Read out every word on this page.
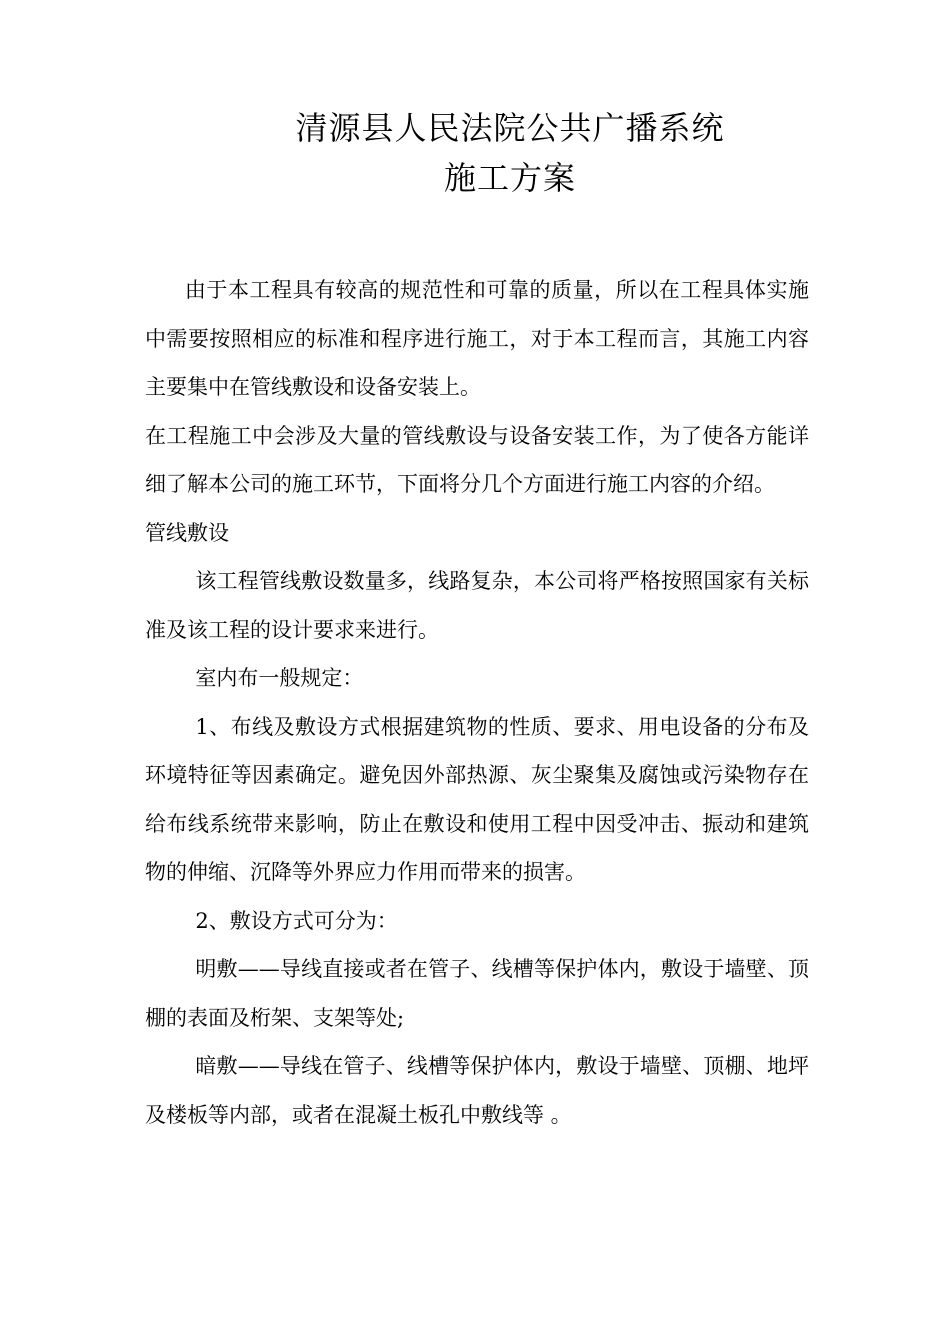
清源县人民法院公共广播系统
施工方案

由于本工程具有较高的规范性和可靠的质量，所以在工程具体实施中需要按照相应的标准和程序进行施工，对于本工程而言，其施工内容主要集中在管线敷设和设备安装上。

在工程施工中会涉及大量的管线敷设与设备安装工作，为了使各方能详细了解本公司的施工环节，下面将分几个方面进行施工内容的介绍。

管线敷设

该工程管线敷设数量多，线路复杂，本公司将严格按照国家有关标准及该工程的设计要求来进行。

室内布一般规定：

1、布线及敷设方式根据建筑物的性质、要求、用电设备的分布及环境特征等因素确定。避免因外部热源、灰尘聚集及腐蚀或污染物存在给布线系统带来影响，防止在敷设和使用工程中因受冲击、振动和建筑物的伸缩、沉降等外界应力作用而带来的损害。

2、敷设方式可分为：

明敷——导线直接或者在管子、线槽等保护体内，敷设于墙壁、顶棚的表面及桁架、支架等处;

暗敷——导线在管子、线槽等保护体内，敷设于墙壁、顶棚、地坪及楼板等内部，或者在混凝土板孔中敷线等 。
